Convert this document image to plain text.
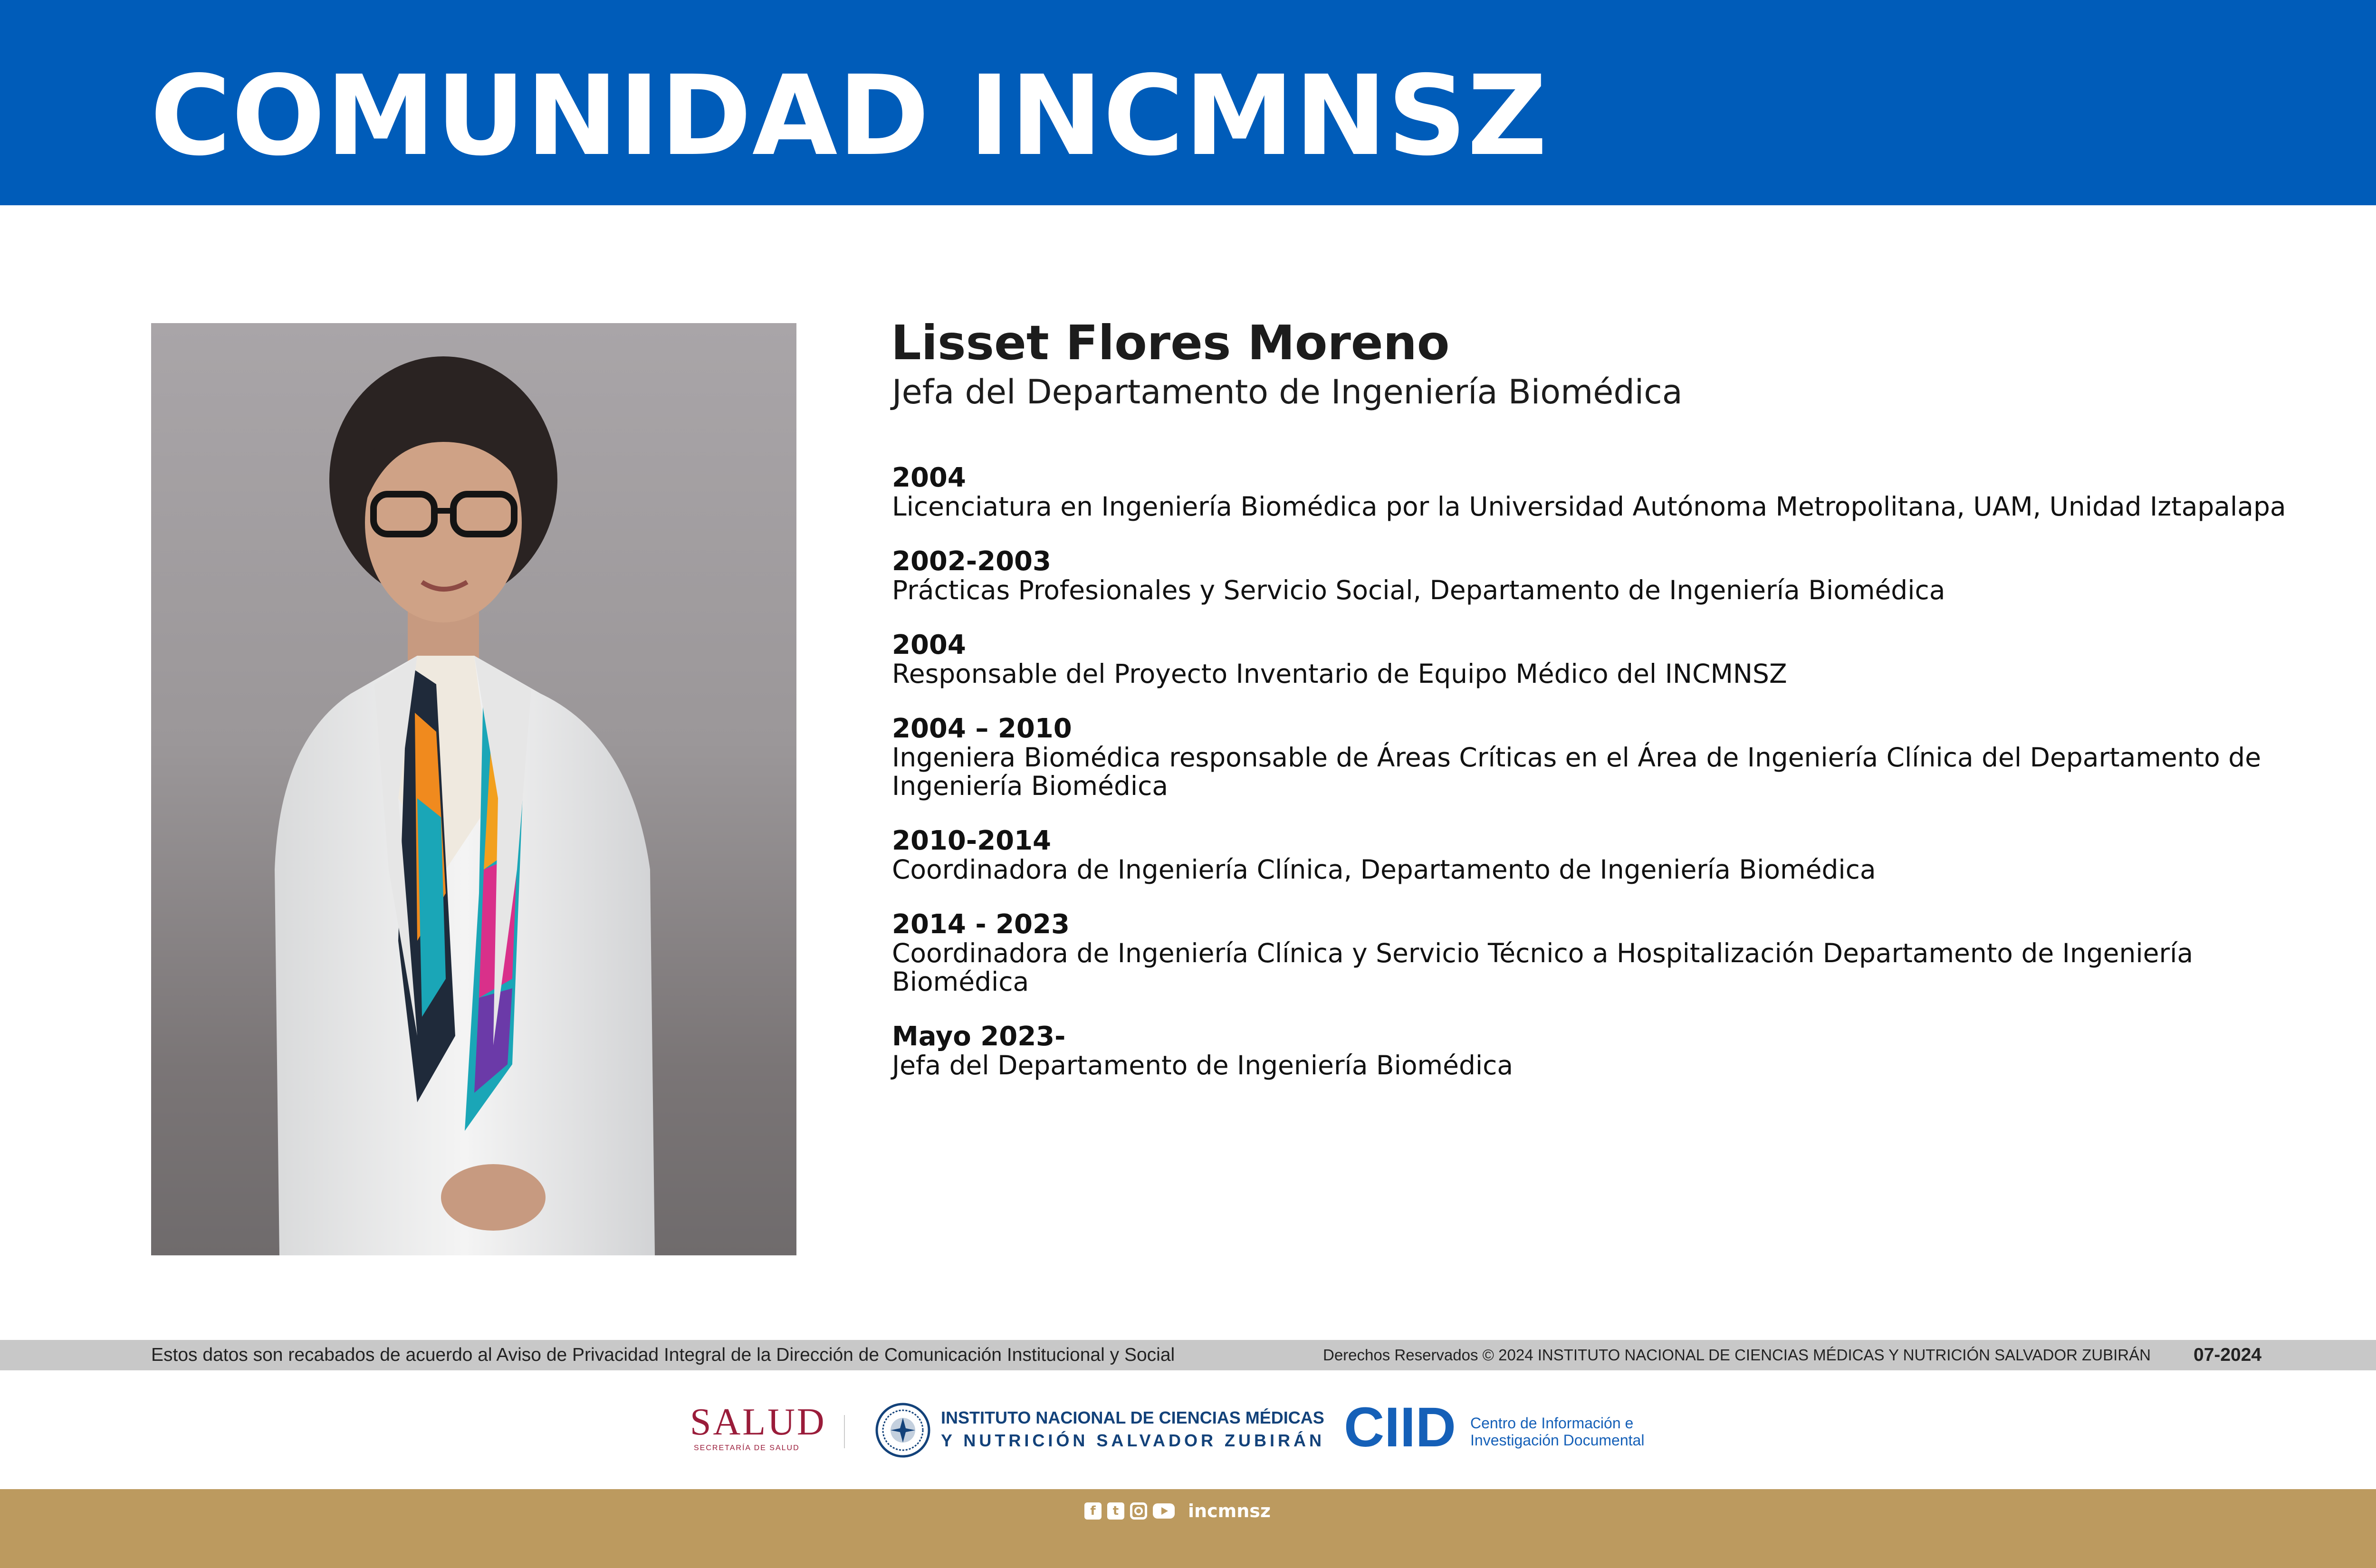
COMUNIDAD INCMNSZ
Lisset Flores Moreno
Jefa del Departamento de Ingeniería Biomédica
2004
Licenciatura en Ingeniería Biomédica por la Universidad Autónoma Metropolitana, UAM, Unidad Iztapalapa
2002-2003
Prácticas Profesionales y Servicio Social, Departamento de Ingeniería Biomédica
2004
Responsable del Proyecto Inventario de Equipo Médico del INCMNSZ
2004 – 2010
Ingeniera Biomédica responsable de Áreas Críticas en el Área de Ingeniería Clínica del Departamento de Ingeniería Biomédica
2010-2014
Coordinadora de Ingeniería Clínica, Departamento de Ingeniería Biomédica
2014 - 2023
Coordinadora de Ingeniería Clínica y Servicio Técnico a Hospitalización Departamento de Ingeniería Biomédica
Mayo 2023-
Jefa del Departamento de Ingeniería Biomédica
Estos datos son recabados de acuerdo al Aviso de Privacidad Integral de la Dirección de Comunicación Institucional y Social	Derechos Reservados © 2024 INSTITUTO NACIONAL DE CIENCIAS MÉDICAS Y NUTRICIÓN SALVADOR ZUBIRÁN 07-2024
SALUD
SECRETARÍA DE SALUD
INSTITUTO NACIONAL DE CIENCIAS MÉDICAS
Y NUTRICIÓN SALVADOR ZUBIRÁN CIID Centro de Información e
Investigación Documental
f t	incmnsz
